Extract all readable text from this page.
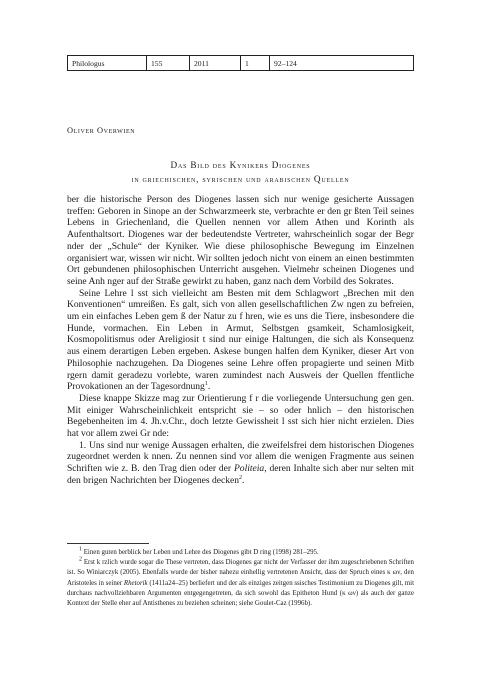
Philologus	155	2011	1	92–124
Oliver Overwien
Das Bild des Kynikers Diogenes
in griechischen, syrischen und arabischen Quellen

ber die historische Person des Diogenes lassen sich nur wenige gesicherte Aussagen treffen: Geboren in Sinope an der Schwarzmeerk ste, verbrachte er den gr ßten Teil seines Lebens in Griechenland, die Quellen nennen vor allem Athen und Korinth als Aufenthaltsort. Diogenes war der bedeutendste Vertreter, wahrscheinlich sogar der Begr nder der „Schule“ der Kyniker. Wie diese philosophische Bewegung im Einzelnen organisiert war, wissen wir nicht. Wir sollten jedoch nicht von einem an einen bestimmten Ort gebundenen philosophischen Unterricht ausgehen. Vielmehr scheinen Diogenes und seine Anh nger auf der Straße gewirkt zu haben, ganz nach dem Vorbild des Sokrates.

Seine Lehre l sst sich vielleicht am Besten mit dem Schlagwort „Brechen mit den Konventionen“ umreißen. Es galt, sich von allen gesellschaftlichen Zw ngen zu befreien, um ein einfaches Leben gem ß der Natur zu f hren, wie es uns die Tiere, insbesondere die Hunde, vormachen. Ein Leben in Armut, Selbstgen gsamkeit, Schamlosigkeit, Kosmopolitismus oder Areligiosit t sind nur einige Haltungen, die sich als Konsequenz aus einem derartigen Leben ergeben. Askese bungen halfen dem Kyniker, dieser Art von Philosophie nachzugehen. Da Diogenes seine Lehre offen propagierte und seinen Mitb rgern damit geradezu vorlebte, waren zumindest nach Ausweis der Quellen ffentliche Provokationen an der Tagesordnung$^1$.

Diese knappe Skizze mag zur Orientierung f r die vorliegende Untersuchung gen gen. Mit einiger Wahrscheinlichkeit entspricht sie – so oder hnlich – den historischen Begebenheiten im 4. Jh.v.Chr., doch letzte Gewissheit l sst sich hier nicht erzielen. Dies hat vor allem zwei Gr nde:

1. Uns sind nur wenige Aussagen erhalten, die zweifelsfrei dem historischen Diogenes zugeordnet werden k nnen. Zu nennen sind vor allem die wenigen Fragmente aus seinen Schriften wie z. B. den Trag dien oder der Politeia, deren Inhalte sich aber nur selten mit den brigen Nachrichten ber Diogenes decken$^2$.

$^1$ Einen guten berblick ber Leben und Lehre des Diogenes gibt D ring (1998) 281–295.

$^2$ Erst k rzlich wurde sogar die These vertreten, dass Diogenes gar nicht der Verfasser der ihm zugeschriebenen Schriften ist. So Winiarczyk (2005). Ebenfalls wurde der bisher nahezu einhellig vertretenen Ansicht, dass der Spruch eines κ ων, den Aristoteles in seiner Rhetorik (1411a24–25) berliefert und der als einziges zeitgen ssisches Testimonium zu Diogenes gilt, mit durchaus nachvollziehbaren Argumenten entgegengetreten, da sich sowohl das Epitheton Hund (κ ων) als auch der ganze Kontext der Stelle eher auf Antisthenes zu beziehen scheinen; siehe Goulet-Caz (1996b).
